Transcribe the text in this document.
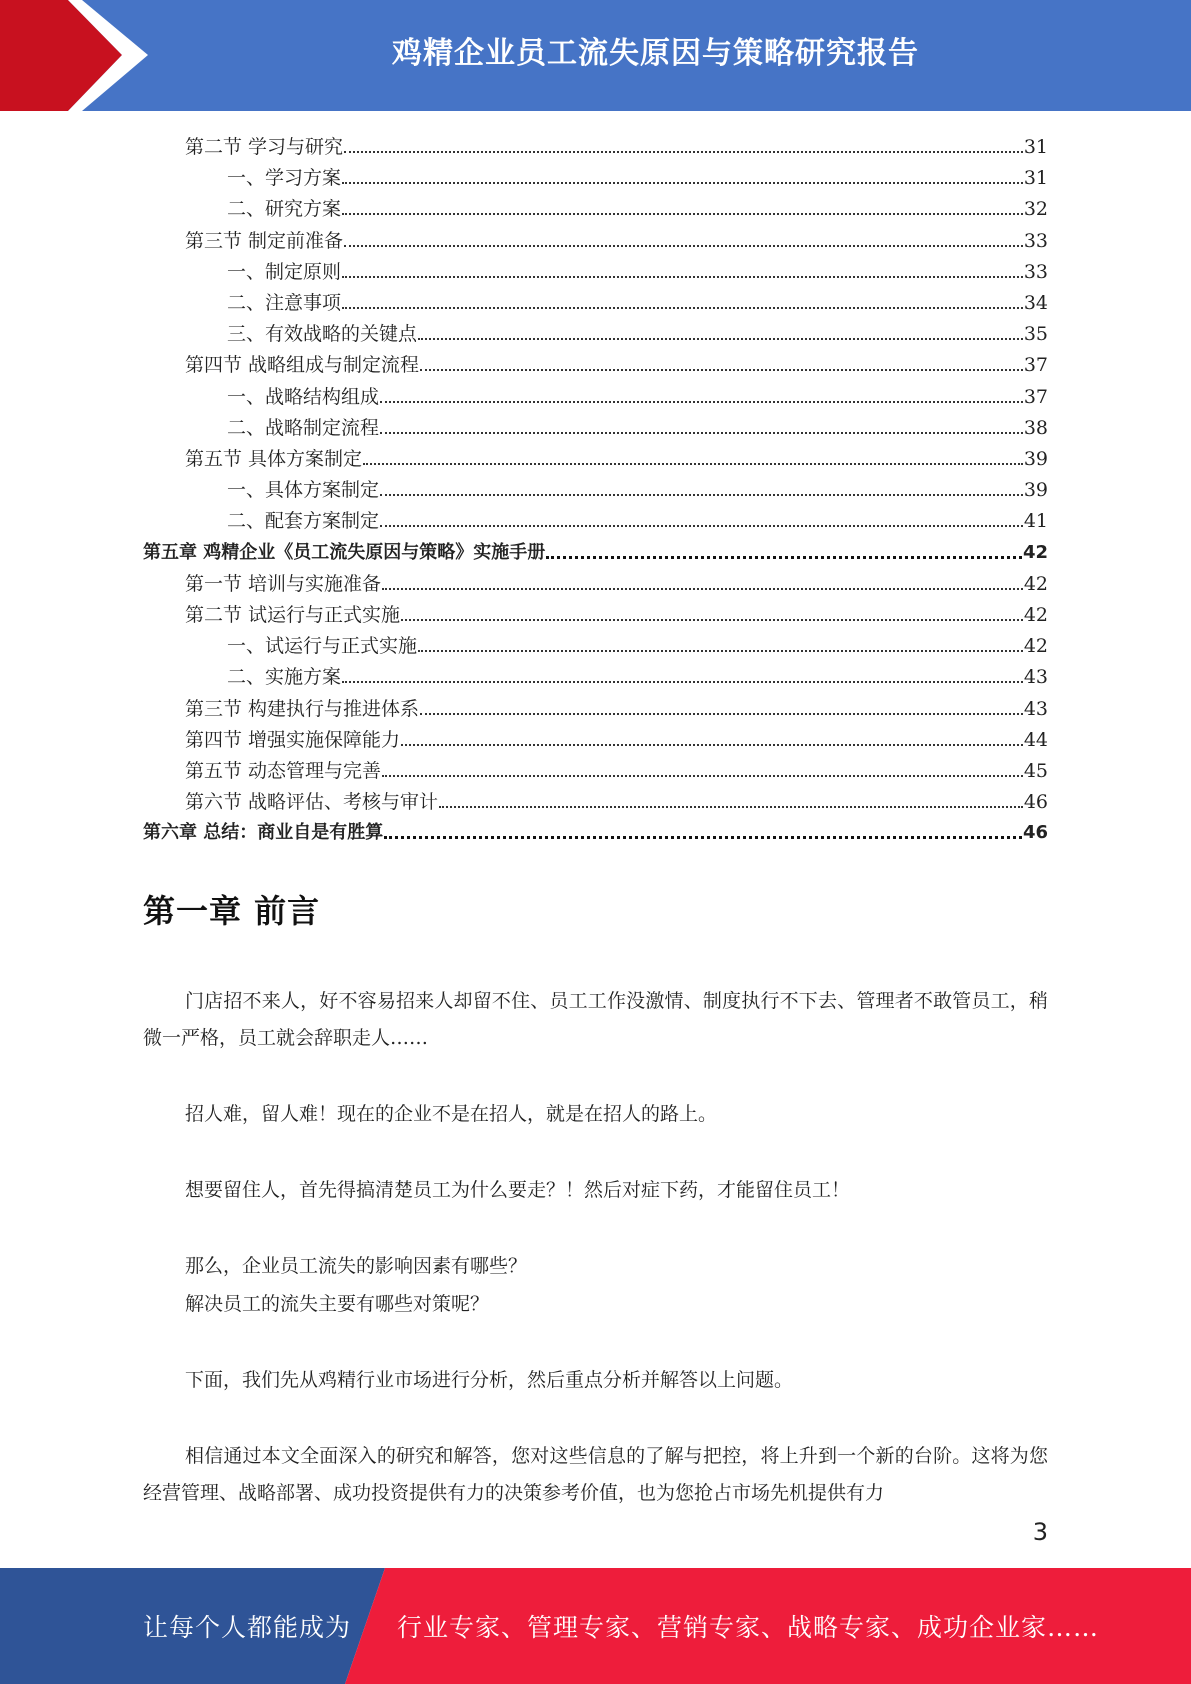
鸡精企业员工流失原因与策略研究报告
第二节 学习与研究	31
一、学习方案	31
二、研究方案	32
第三节 制定前准备	33
一、制定原则	33
二、注意事项	34
三、有效战略的关键点	35
第四节 战略组成与制定流程	37
一、战略结构组成	37
二、战略制定流程	38
第五节 具体方案制定	39
一、具体方案制定	39
二、配套方案制定	41
第五章 鸡精企业《员工流失原因与策略》实施手册	42
第一节 培训与实施准备	42
第二节 试运行与正式实施	42
一、试运行与正式实施	42
二、实施方案	43
第三节 构建执行与推进体系	43
第四节 增强实施保障能力	44
第五节 动态管理与完善	45
第六节 战略评估、考核与审计	46
第六章 总结：商业自是有胜算	46
第一章 前言
门店招不来人，好不容易招来人却留不住、员工工作没激情、制度执行不下去、管理者不敢管员工，稍微一严格，员工就会辞职走人……
招人难，留人难！现在的企业不是在招人，就是在招人的路上。
想要留住人，首先得搞清楚员工为什么要走？！然后对症下药，才能留住员工！
那么，企业员工流失的影响因素有哪些？
解决员工的流失主要有哪些对策呢？
下面，我们先从鸡精行业市场进行分析，然后重点分析并解答以上问题。
相信通过本文全面深入的研究和解答，您对这些信息的了解与把控，将上升到一个新的台阶。这将为您经营管理、战略部署、成功投资提供有力的决策参考价值，也为您抢占市场先机提供有力
3
让每个人都能成为 行业专家、管理专家、营销专家、战略专家、成功企业家……
